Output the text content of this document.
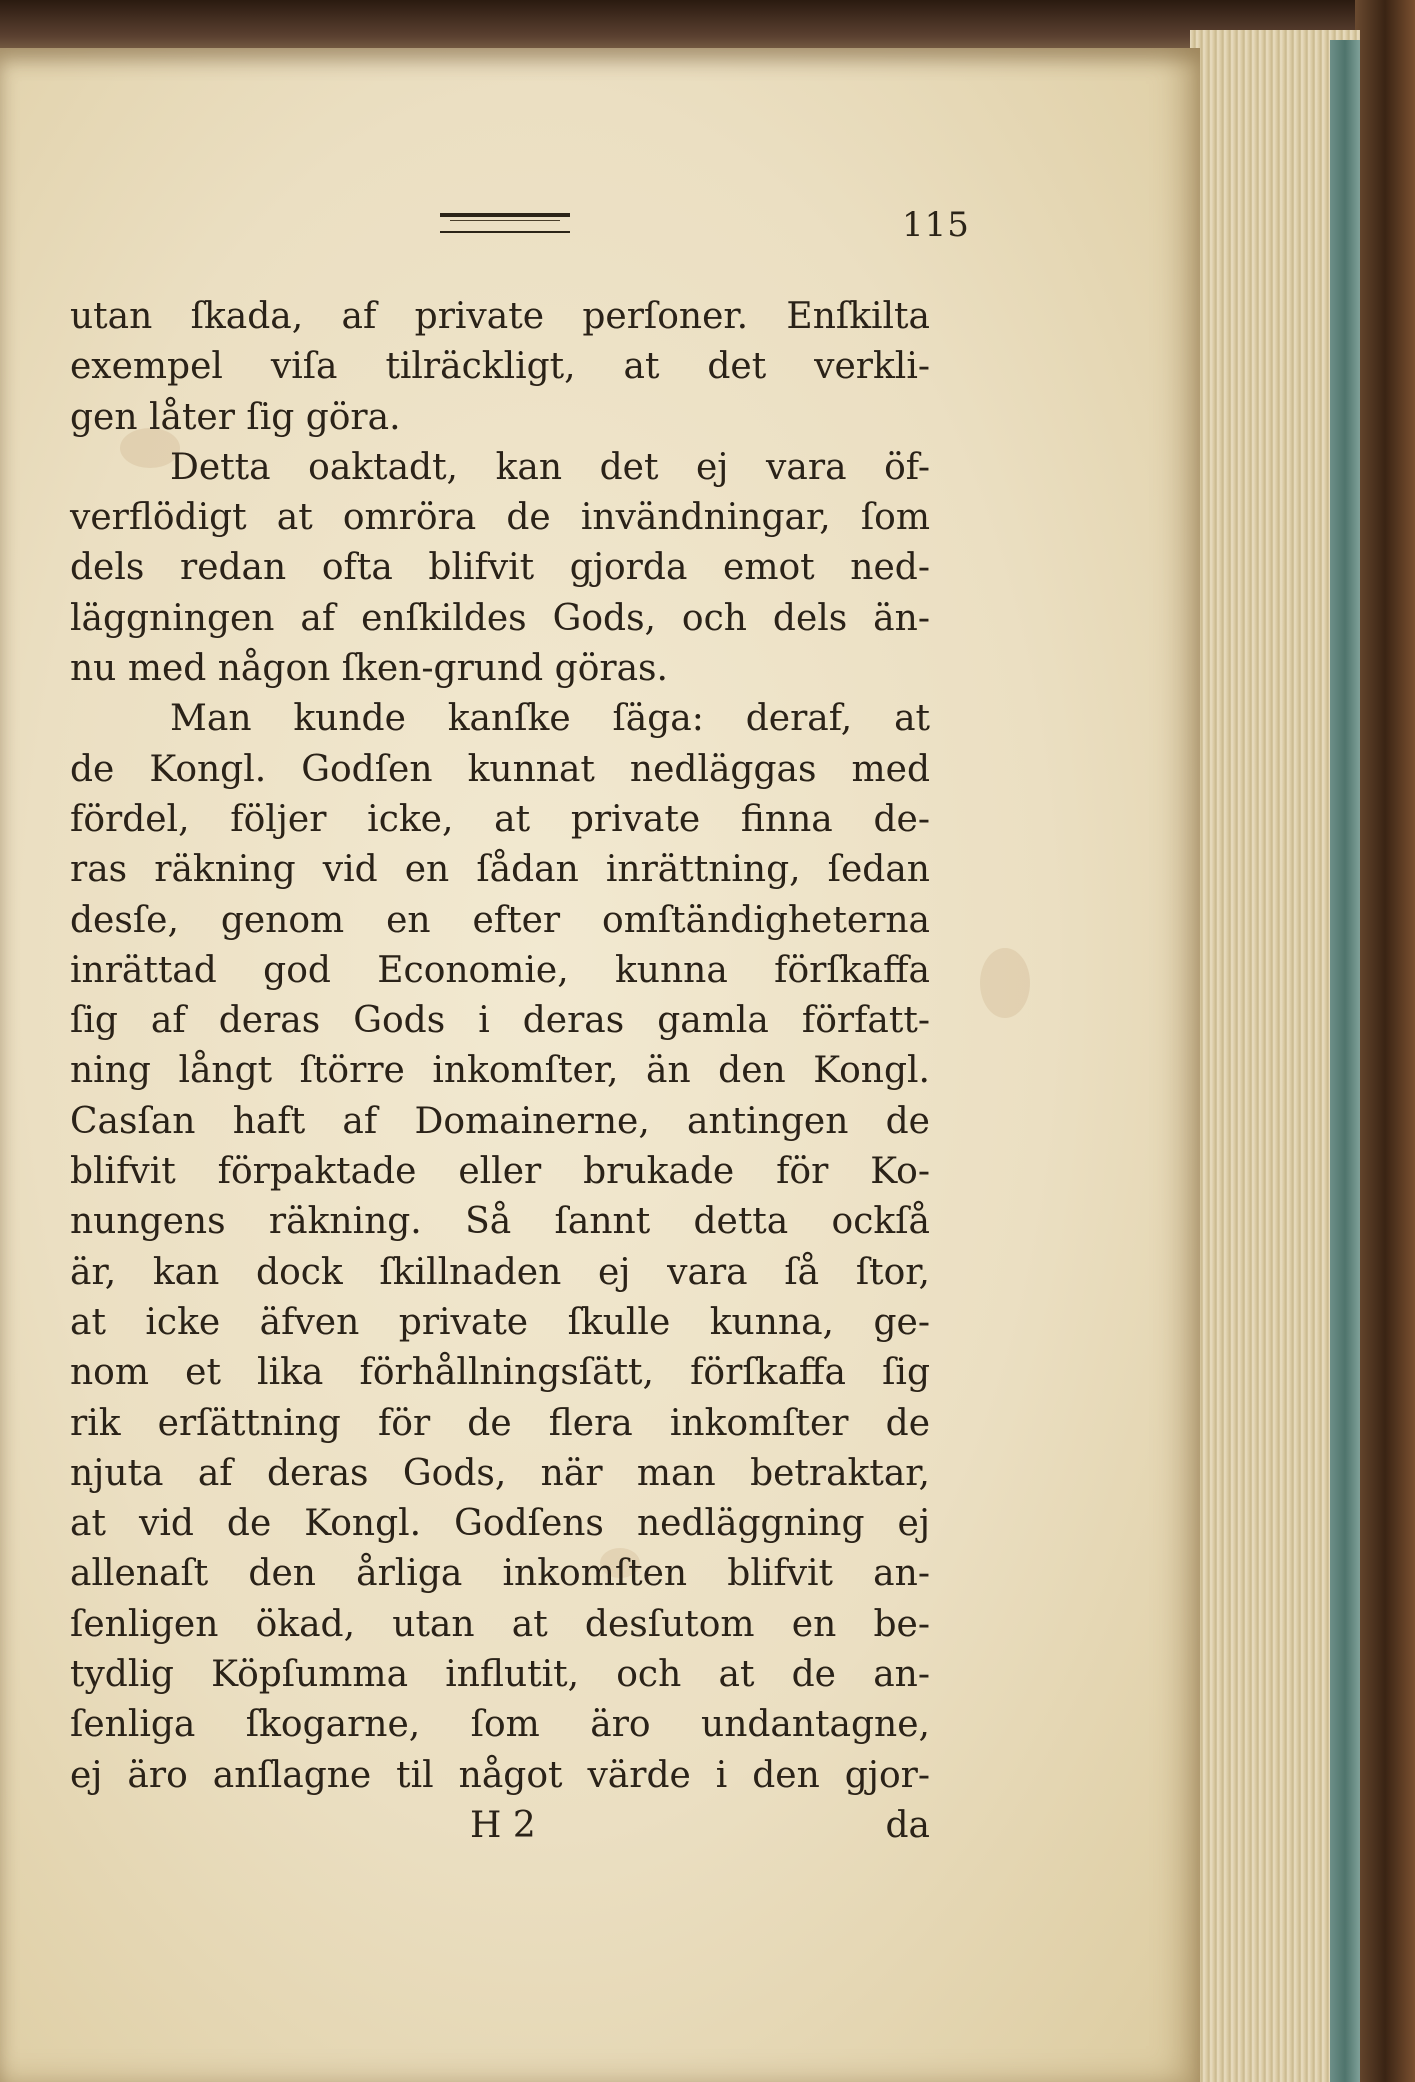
115
utan ſkada, af private perſoner. Enſkilta
exempel viſa tilräckligt, at det verkli-
gen låter ſig göra.
Detta oaktadt, kan det ej vara öf-
verflödigt at omröra de invändningar, ſom
dels redan ofta blifvit gjorda emot ned-
läggningen af enſkildes Gods, och dels än-
nu med någon ſken-grund göras.
Man kunde kanſke ſäga: deraf, at
de Kongl. Godſen kunnat nedläggas med
fördel, följer icke, at private finna de-
ras räkning vid en ſådan inrättning, ſedan
desſe, genom en efter omſtändigheterna
inrättad god Economie, kunna förſkaffa
ſig af deras Gods i deras gamla författ-
ning långt ſtörre inkomſter, än den Kongl.
Casſan haft af Domainerne, antingen de
blifvit förpaktade eller brukade för Ko-
nungens räkning. Så ſannt detta ockſå
är, kan dock ſkillnaden ej vara ſå ſtor,
at icke äfven private ſkulle kunna, ge-
nom et lika förhållningsſätt, förſkaffa ſig
rik erſättning för de flera inkomſter de
njuta af deras Gods, när man betraktar,
at vid de Kongl. Godſens nedläggning ej
allenaſt den årliga inkomſten blifvit an-
ſenligen ökad, utan at desſutom en be-
tydlig Köpſumma influtit, och at de an-
ſenliga ſkogarne, ſom äro undantagne,
ej äro anſlagne til något värde i den gjor-
H 2	da
